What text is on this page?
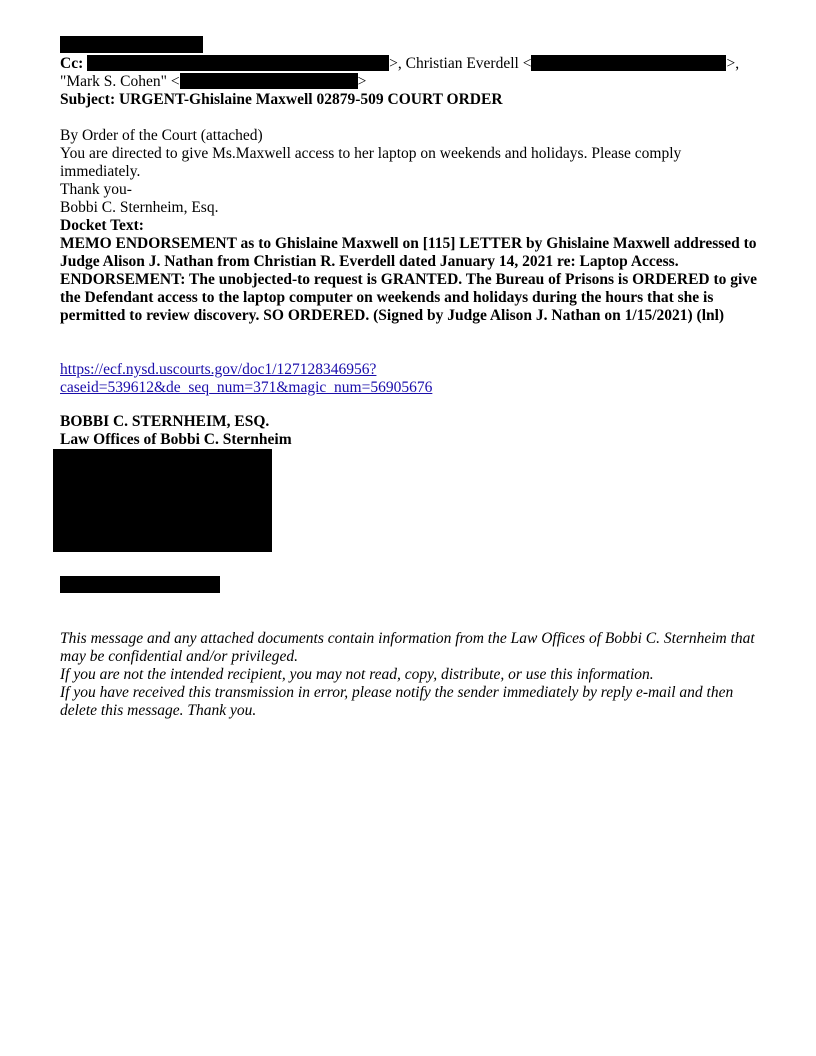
Cc:	>, Christian Everdell <	>,
"Mark S. Cohen" <	>
Subject: URGENT-Ghislaine Maxwell 02879-509 COURT ORDER
By Order of the Court (attached)
You are directed to give Ms.Maxwell access to her laptop on weekends and holidays. Please comply immediately.
Thank you-
Bobbi C. Sternheim, Esq.
Docket Text:
MEMO ENDORSEMENT as to Ghislaine Maxwell on [115] LETTER by Ghislaine Maxwell addressed to Judge Alison J. Nathan from Christian R. Everdell dated January 14, 2021 re: Laptop Access. ENDORSEMENT: The unobjected-to request is GRANTED. The Bureau of Prisons is ORDERED to give the Defendant access to the laptop computer on weekends and holidays during the hours that she is permitted to review discovery. SO ORDERED. (Signed by Judge Alison J. Nathan on 1/15/2021) (lnl)
https://ecf.nysd.uscourts.gov/doc1/127128346956?
caseid=539612&de_seq_num=371&magic_num=56905676
BOBBI C. STERNHEIM, ESQ.
Law Offices of Bobbi C. Sternheim
This message and any attached documents contain information from the Law Offices of Bobbi C. Sternheim that may be confidential and/or privileged.
If you are not the intended recipient, you may not read, copy, distribute, or use this information.
If you have received this transmission in error, please notify the sender immediately by reply e-mail and then delete this message. Thank you.
